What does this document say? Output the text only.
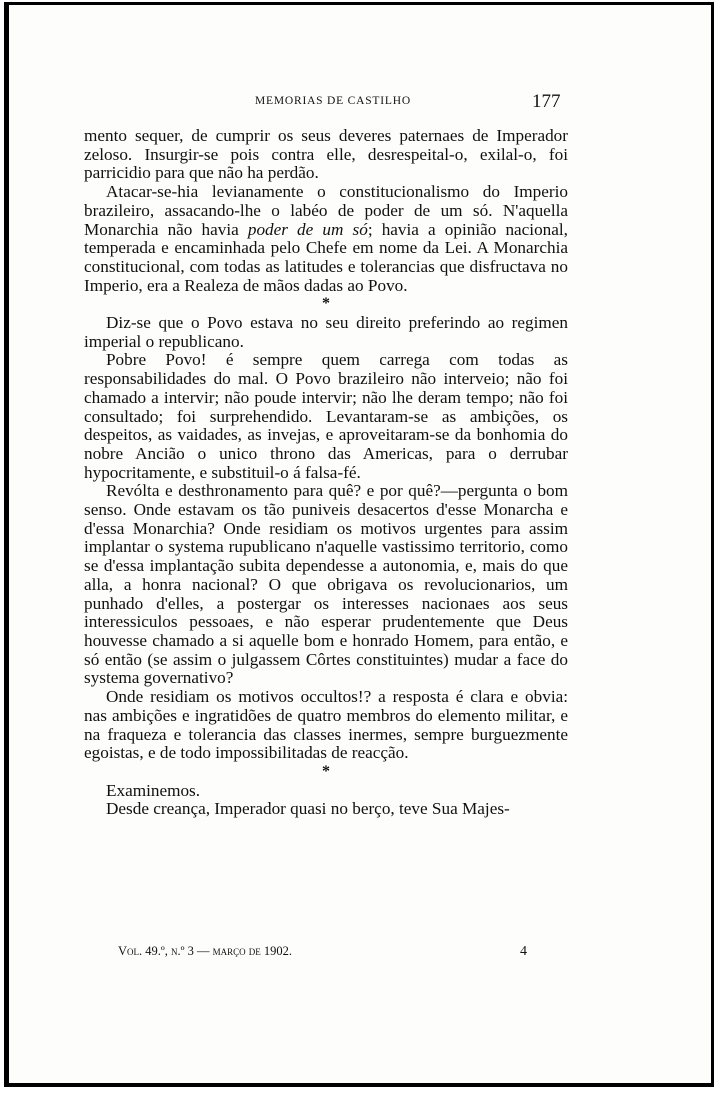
MEMORIAS DE CASTILHO	177

mento sequer, de cumprir os seus deveres paternaes de Imperador zeloso. Insurgir-se pois contra elle, desrespeital-o, exilal-o, foi parricidio para que não ha perdão.

Atacar-se-hia levianamente o constitucionalismo do Imperio brazileiro, assacando-lhe o labéo de poder de um só. N'aquella Monarchia não havia poder de um só; havia a opinião nacional, temperada e encaminhada pelo Chefe em nome da Lei. A Monarchia constitucional, com todas as latitudes e tolerancias que disfructava no Imperio, era a Realeza de mãos dadas ao Povo.

*

Diz-se que o Povo estava no seu direito preferindo ao regimen imperial o republicano.

Pobre Povo! é sempre quem carrega com todas as responsabilidades do mal. O Povo brazileiro não interveio; não foi chamado a intervir; não poude intervir; não lhe deram tempo; não foi consultado; foi surprehendido. Levantaram-se as ambições, os despeitos, as vaidades, as invejas, e aproveitaram-se da bonhomia do nobre Ancião o unico throno das Americas, para o derrubar hypocritamente, e substituil-o á falsa-fé.

Revólta e desthronamento para quê? e por quê?—pergunta o bom senso. Onde estavam os tão puniveis desacertos d'esse Monarcha e d'essa Monarchia? Onde residiam os motivos urgentes para assim implantar o systema rupublicano n'aquelle vastissimo territorio, como se d'essa implantação subita dependesse a autonomia, e, mais do que alla, a honra nacional? O que obrigava os revolucionarios, um punhado d'elles, a postergar os interesses nacionaes aos seus interessiculos pessoaes, e não esperar prudentemente que Deus houvesse chamado a si aquelle bom e honrado Homem, para então, e só então (se assim o julgassem Côrtes constituintes) mudar a face do systema governativo?

Onde residiam os motivos occultos!? a resposta é clara e obvia: nas ambições e ingratidões de quatro membros do elemento militar, e na fraqueza e tolerancia das classes inermes, sempre burguezmente egoistas, e de todo impossibilitadas de reacção.

*

Examinemos.

Desde creança, Imperador quasi no berço, teve Sua Majes-

Vol. 49.º, n.º 3 — março de 1902.	4
